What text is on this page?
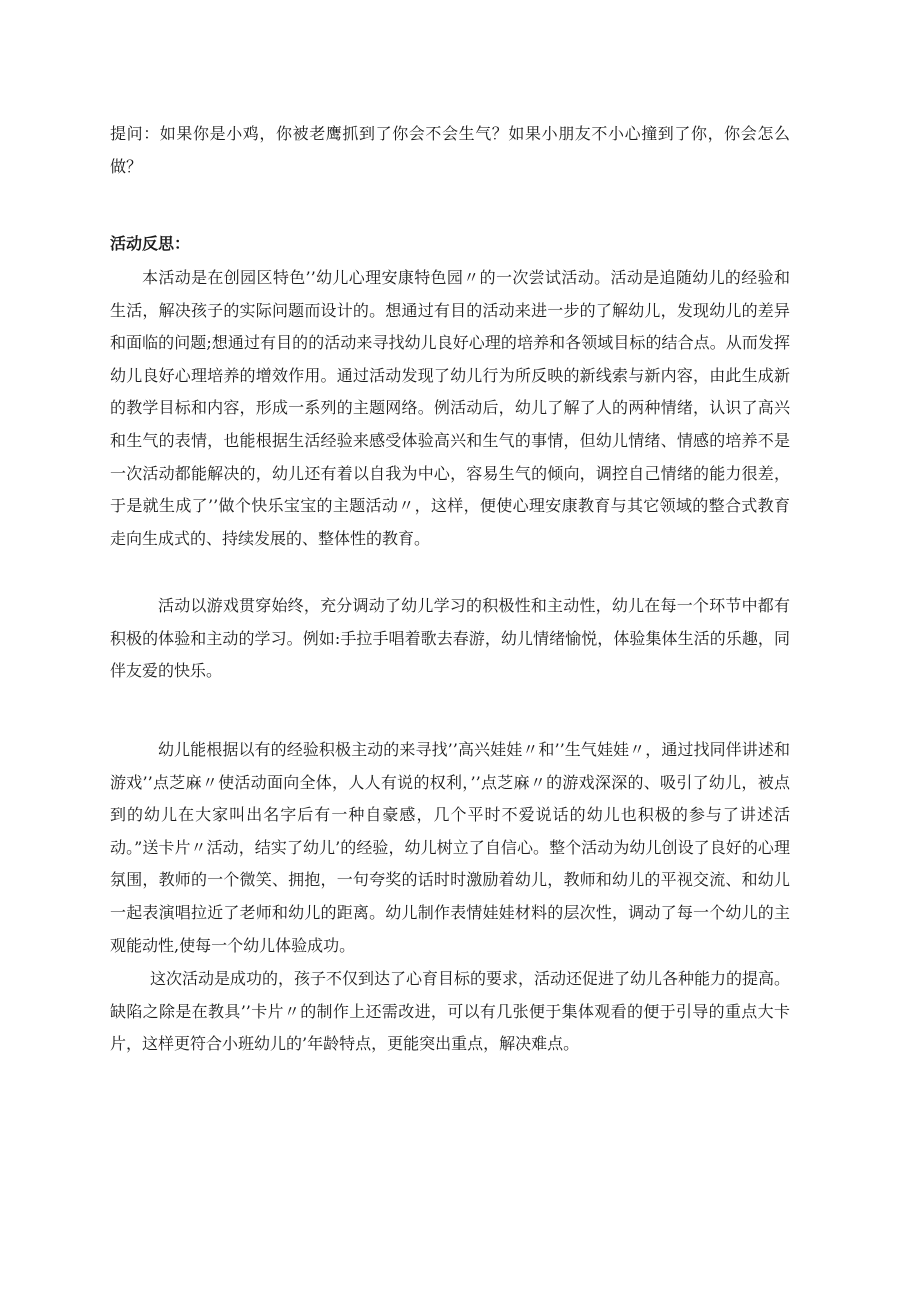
提问：如果你是小鸡，你被老鹰抓到了你会不会生气？如果小朋友不小心撞到了你，你会怎么做？

活动反思：

本活动是在创园区特色’’幼儿心理安康特色园〃的一次尝试活动。活动是追随幼儿的经验和生活，解决孩子的实际问题而设计的。想通过有目的活动来进一步的了解幼儿，发现幼儿的差异和面临的问题;想通过有目的的活动来寻找幼儿良好心理的培养和各领域目标的结合点。从而发挥幼儿良好心理培养的增效作用。通过活动发现了幼儿行为所反映的新线索与新内容，由此生成新的教学目标和内容，形成一系列的主题网络。例活动后，幼儿了解了人的两种情绪，认识了高兴和生气的表情，也能根据生活经验来感受体验高兴和生气的事情，但幼儿情绪、情感的培养不是一次活动都能解决的，幼儿还有着以自我为中心，容易生气的倾向，调控自己情绪的能力很差，于是就生成了’’做个快乐宝宝的主题活动〃，这样，便使心理安康教育与其它领域的整合式教育走向生成式的、持续发展的、整体性的教育。

活动以游戏贯穿始终，充分调动了幼儿学习的积极性和主动性，幼儿在每一个环节中都有积极的体验和主动的学习。例如:手拉手唱着歌去春游，幼儿情绪愉悦，体验集体生活的乐趣，同伴友爱的快乐。

幼儿能根据以有的经验积极主动的来寻找’’高兴娃娃〃和’’生气娃娃〃，通过找同伴讲述和游戏’’点芝麻〃使活动面向全体，人人有说的权利，’’点芝麻〃的游戏深深的、吸引了幼儿，被点到的幼儿在大家叫出名字后有一种自豪感，几个平时不爱说话的幼儿也积极的参与了讲述活动。”送卡片〃活动，结实了幼儿’的经验，幼儿树立了自信心。整个活动为幼儿创设了良好的心理氛围，教师的一个微笑、拥抱，一句夸奖的话时时激励着幼儿，教师和幼儿的平视交流、和幼儿一起表演唱拉近了老师和幼儿的距离。幼儿制作表情娃娃材料的层次性，调动了每一个幼儿的主观能动性,使每一个幼儿体验成功。

这次活动是成功的，孩子不仅到达了心育目标的要求，活动还促进了幼儿各种能力的提高。缺陷之除是在教具’’卡片〃的制作上还需改进，可以有几张便于集体观看的便于引导的重点大卡片，这样更符合小班幼儿的’年龄特点，更能突出重点，解决难点。
